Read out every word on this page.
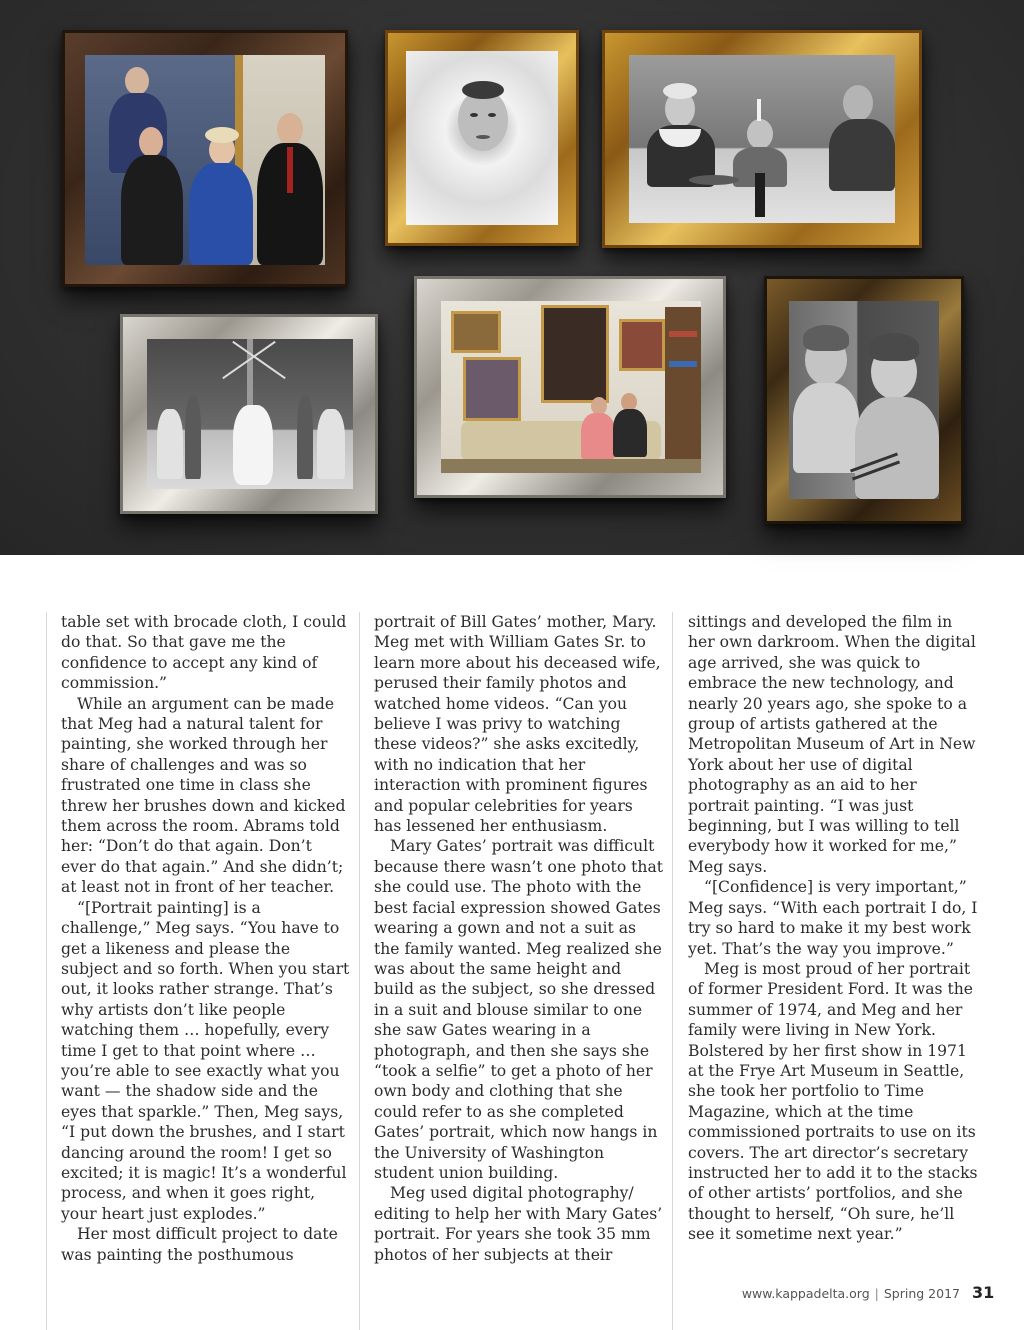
table set with brocade cloth, I could do that. So that gave me the confidence to accept any kind of commission.”

While an argument can be made that Meg had a natural talent for painting, she worked through her share of challenges and was so frustrated one time in class she threw her brushes down and kicked them across the room. Abrams told her: “Don’t do that again. Don’t ever do that again.” And she didn’t; at least not in front of her teacher.

“[Portrait painting] is a challenge,” Meg says. “You have to get a likeness and please the subject and so forth. When you start out, it looks rather strange. That’s why artists don’t like people watching them … hopefully, every time I get to that point where … you’re able to see exactly what you want — the shadow side and the eyes that sparkle.” Then, Meg says, “I put down the brushes, and I start dancing around the room! I get so excited; it is magic! It’s a wonderful process, and when it goes right, your heart just explodes.”

Her most difficult project to date was painting the posthumous

portrait of Bill Gates’ mother, Mary. Meg met with William Gates Sr. to learn more about his deceased wife, perused their family photos and watched home videos. “Can you believe I was privy to watching these videos?” she asks excitedly, with no indication that her interaction with prominent figures and popular celebrities for years has lessened her enthusiasm.

Mary Gates’ portrait was difficult because there wasn’t one photo that she could use. The photo with the best facial expression showed Gates wearing a gown and not a suit as the family wanted. Meg realized she was about the same height and build as the subject, so she dressed in a suit and blouse similar to one she saw Gates wearing in a photograph, and then she says she “took a selfie” to get a photo of her own body and clothing that she could refer to as she completed Gates’ portrait, which now hangs in the University of Washington student union building.

Meg used digital photography/ editing to help her with Mary Gates’ portrait. For years she took 35 mm photos of her subjects at their

sittings and developed the film in her own darkroom. When the digital age arrived, she was quick to embrace the new technology, and nearly 20 years ago, she spoke to a group of artists gathered at the Metropolitan Museum of Art in New York about her use of digital photography as an aid to her portrait painting. “I was just beginning, but I was willing to tell everybody how it worked for me,” Meg says.

“[Confidence] is very important,” Meg says. “With each portrait I do, I try so hard to make it my best work yet. That’s the way you improve.”

Meg is most proud of her portrait of former President Ford. It was the summer of 1974, and Meg and her family were living in New York. Bolstered by her first show in 1971 at the Frye Art Museum in Seattle, she took her portfolio to Time Magazine, which at the time commissioned portraits to use on its covers. The art director’s secretary instructed her to add it to the stacks of other artists’ portfolios, and she thought to herself, “Oh sure, he’ll see it sometime next year.”

www.kappadelta.org | Spring 2017 31
